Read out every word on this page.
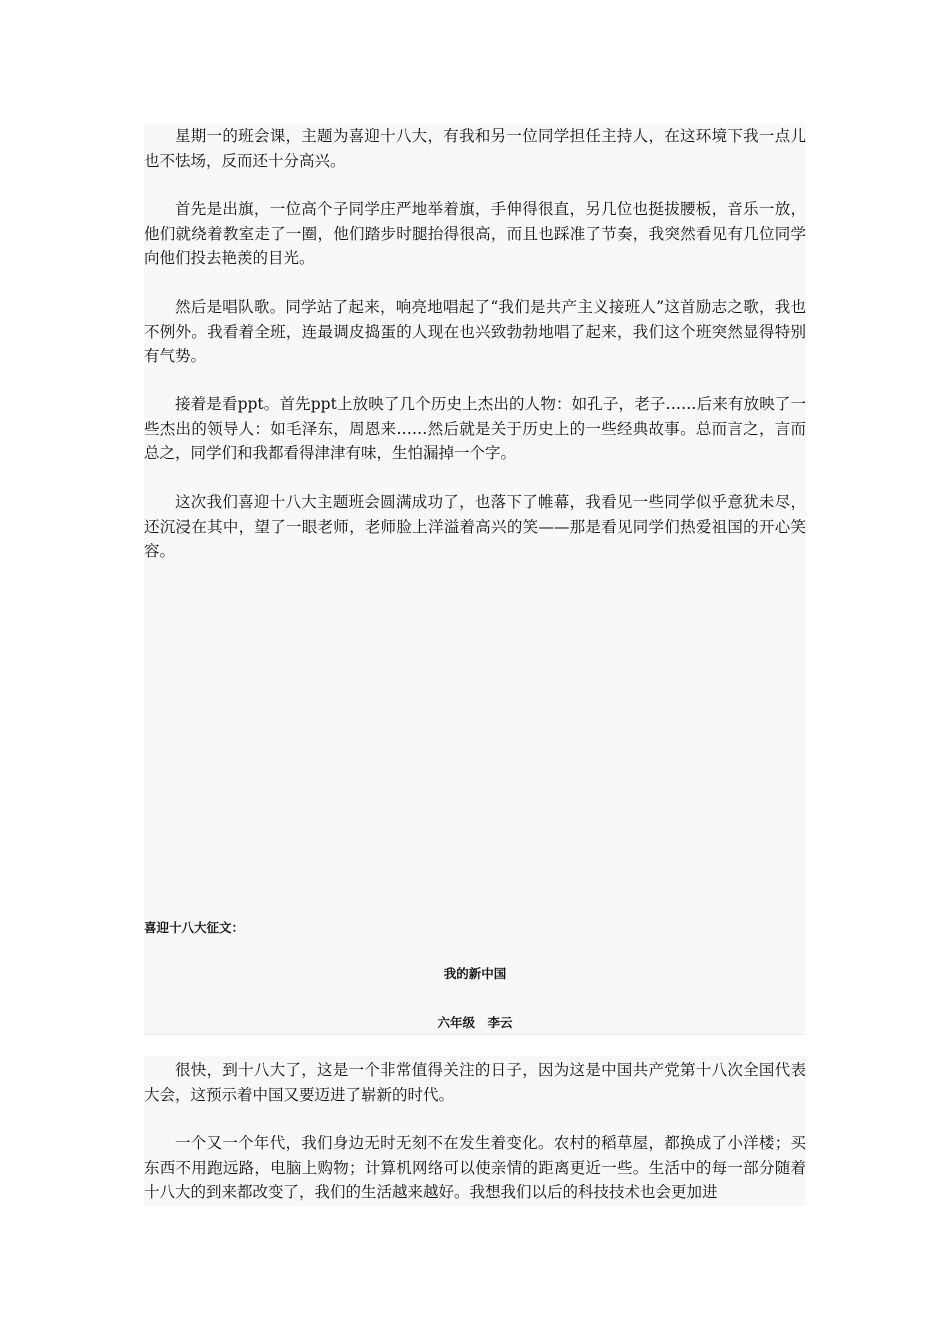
星期一的班会课，主题为喜迎十八大，有我和另一位同学担任主持人，在这环境下我一点儿也不怯场，反而还十分高兴。

首先是出旗，一位高个子同学庄严地举着旗，手伸得很直，另几位也挺拔腰板，音乐一放，他们就绕着教室走了一圈，他们踏步时腿抬得很高，而且也踩准了节奏，我突然看见有几位同学向他们投去艳羡的目光。

然后是唱队歌。同学站了起来，响亮地唱起了“我们是共产主义接班人”这首励志之歌，我也不例外。我看着全班，连最调皮捣蛋的人现在也兴致勃勃地唱了起来，我们这个班突然显得特别有气势。

接着是看ppt。首先ppt上放映了几个历史上杰出的人物：如孔子，老子……后来有放映了一些杰出的领导人：如毛泽东，周恩来……然后就是关于历史上的一些经典故事。总而言之，言而总之，同学们和我都看得津津有味，生怕漏掉一个字。

这次我们喜迎十八大主题班会圆满成功了，也落下了帷幕，我看见一些同学似乎意犹未尽，还沉浸在其中，望了一眼老师，老师脸上洋溢着高兴的笑——那是看见同学们热爱祖国的开心笑容。

喜迎十八大征文：

我的新中国

六年级　李云

很快，到十八大了，这是一个非常值得关注的日子，因为这是中国共产党第十八次全国代表大会，这预示着中国又要迈进了崭新的时代。

一个又一个年代，我们身边无时无刻不在发生着变化。农村的稻草屋，都换成了小洋楼；买东西不用跑远路，电脑上购物；计算机网络可以使亲情的距离更近一些。生活中的每一部分随着十八大的到来都改变了，我们的生活越来越好。我想我们以后的科技技术也会更加进
